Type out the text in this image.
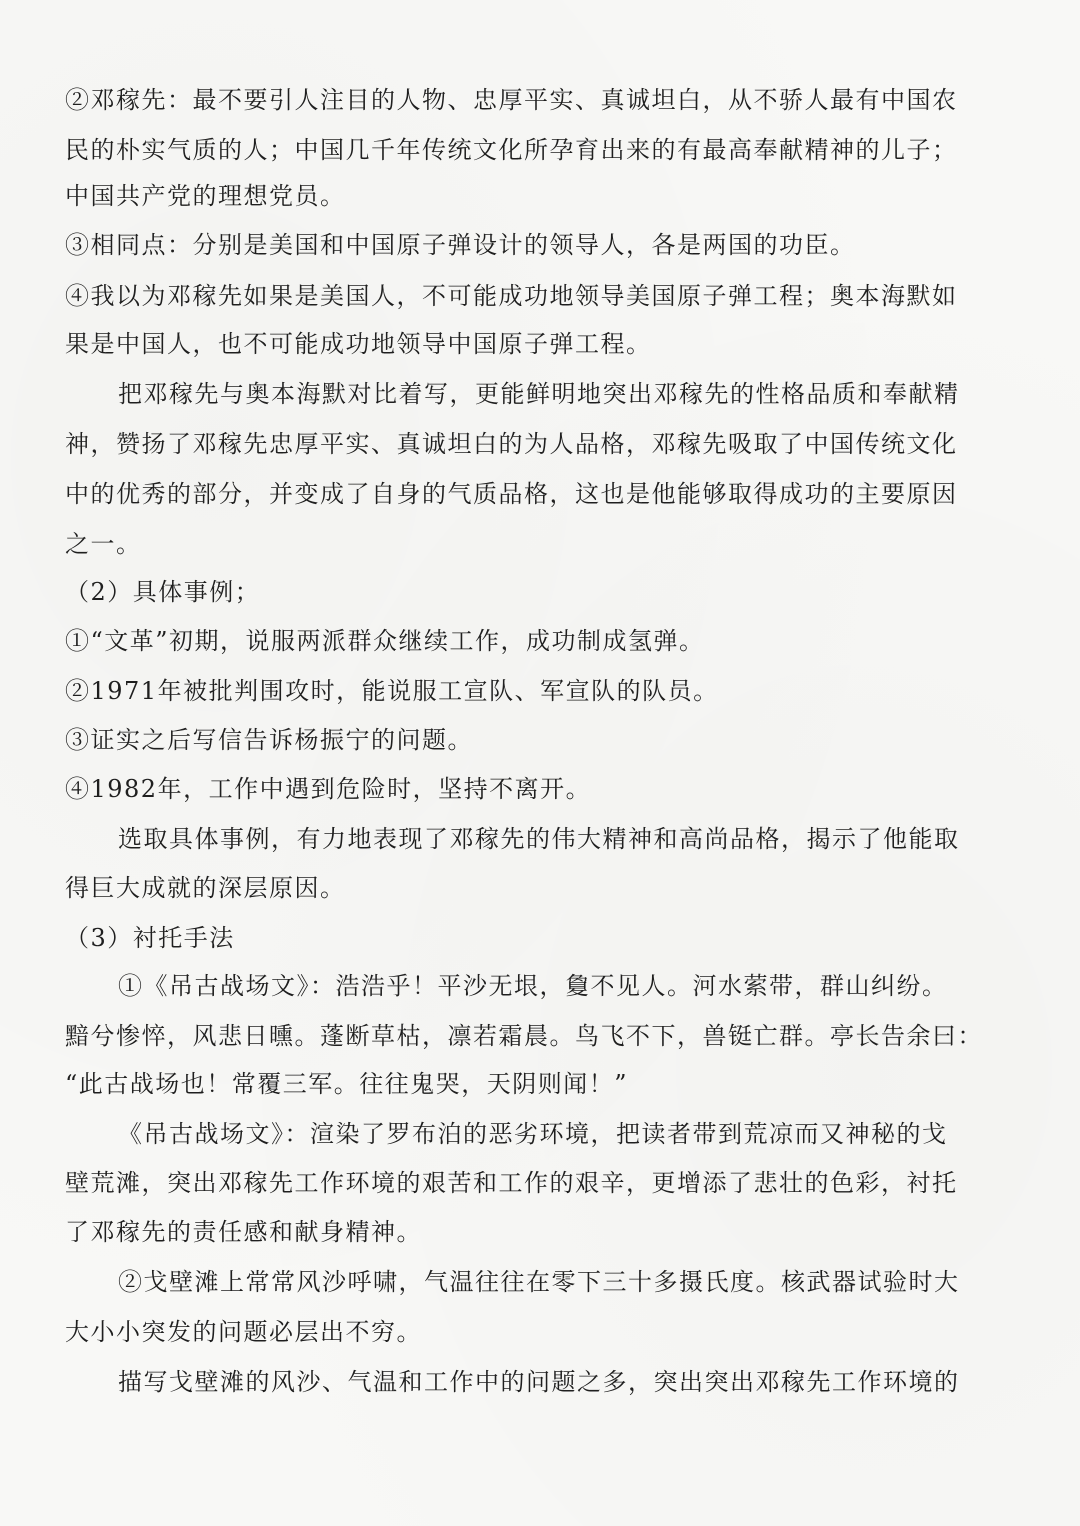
②邓稼先：最不要引人注目的人物、忠厚平实、真诚坦白，从不骄人最有中国农

民的朴实气质的人；中国几千年传统文化所孕育出来的有最高奉献精神的儿子；

中国共产党的理想党员。

③相同点：分别是美国和中国原子弹设计的领导人，各是两国的功臣。

④我以为邓稼先如果是美国人，不可能成功地领导美国原子弹工程；奥本海默如

果是中国人，也不可能成功地领导中国原子弹工程。

把邓稼先与奥本海默对比着写，更能鲜明地突出邓稼先的性格品质和奉献精

神，赞扬了邓稼先忠厚平实、真诚坦白的为人品格，邓稼先吸取了中国传统文化

中的优秀的部分，并变成了自身的气质品格，这也是他能够取得成功的主要原因

之一。

（2）具体事例；

①“文革”初期，说服两派群众继续工作，成功制成氢弹。

②1971年被批判围攻时，能说服工宣队、军宣队的队员。

③证实之后写信告诉杨振宁的问题。

④1982年，工作中遇到危险时，坚持不离开。

选取具体事例，有力地表现了邓稼先的伟大精神和高尚品格，揭示了他能取

得巨大成就的深层原因。

（3）衬托手法

①《吊古战场文》：浩浩乎！平沙无垠，敻不见人。河水萦带，群山纠纷。

黯兮惨悴，风悲日曛。蓬断草枯，凛若霜晨。鸟飞不下，兽铤亡群。亭长告余曰：

“此古战场也！常覆三军。往往鬼哭，天阴则闻！”

《吊古战场文》：渲染了罗布泊的恶劣环境，把读者带到荒凉而又神秘的戈

壁荒滩，突出邓稼先工作环境的艰苦和工作的艰辛，更增添了悲壮的色彩，衬托

了邓稼先的责任感和献身精神。

②戈壁滩上常常风沙呼啸，气温往往在零下三十多摄氏度。核武器试验时大

大小小突发的问题必层出不穷。

描写戈壁滩的风沙、气温和工作中的问题之多，突出突出邓稼先工作环境的
